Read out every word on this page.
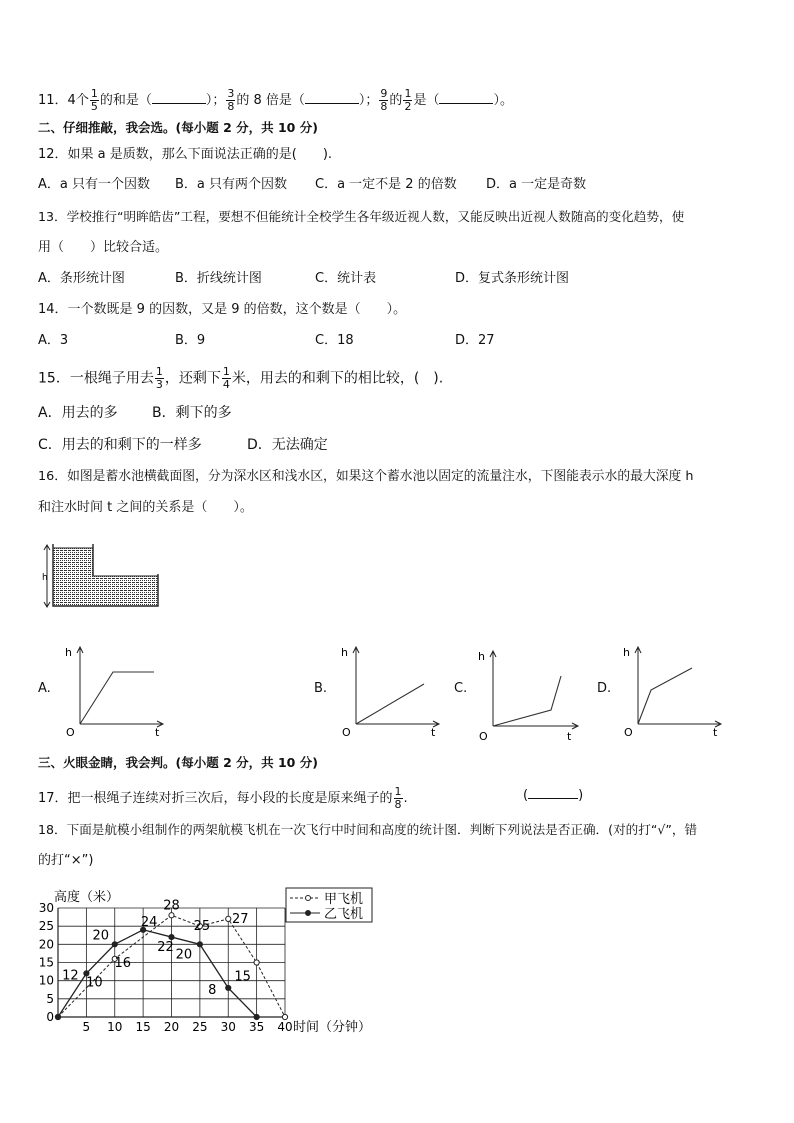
11．4个 $\frac{1}{5}$ 的和是（	）； $\frac{3}{8}$ 的 8 倍是（	）； $\frac{9}{8}$ 的 $\frac{1}{2}$ 是（	）。
二、仔细推敲，我会选。(每小题 2 分，共 10 分)
12．如果 a 是质数，那么下面说法正确的是(　　).
A．a 只有一个因数 B．a 只有两个因数 C．a 一定不是 2 的倍数 D．a 一定是奇数
13．学校推行“明眸皓齿”工程，要想不但能统计全校学生各年级近视人数，又能反映出近视人数随高的变化趋势，使
用（　　）比较合适。
A．条形统计图	B．折线统计图	C．统计表	D．复式条形统计图
14．一个数既是 9 的因数，又是 9 的倍数，这个数是（　　）。
A．3	B．9	C．18	D．27
15．一根绳子用去 $\frac{1}{3}$ ，还剩下 $\frac{1}{4}$ 米，用去的和剩下的相比较，(　).
A．用去的多 B．剩下的多
C．用去的和剩下的一样多	D．无法确定
16．如图是蓄水池横截面图，分为深水区和浅水区，如果这个蓄水池以固定的流量注水，下图能表示水的最大深度 h
和注水时间 t 之间的关系是（　　）。
h
A.	B.	C.	D.
h
t
O
h
t
O
h
t
O
h
t
O
三、火眼金睛，我会判。(每小题 2 分，共 10 分)
17．把一根绳子连续对折三次后，每小段的长度是原来绳子的 $\frac{1}{8}$ .	(	)
18．下面是航模小组制作的两架航模飞机在一次飞行中时间和高度的统计图．判断下列说法是否正确．(对的打“√”，错
的打“×”)
0
5
10
15
20
25
30
5 10 15 20 25 30 35 40
高度（米）
时间（分钟）
28
24
20
12 10
16
22 20
25 27
15
8
甲飞机
乙飞机
